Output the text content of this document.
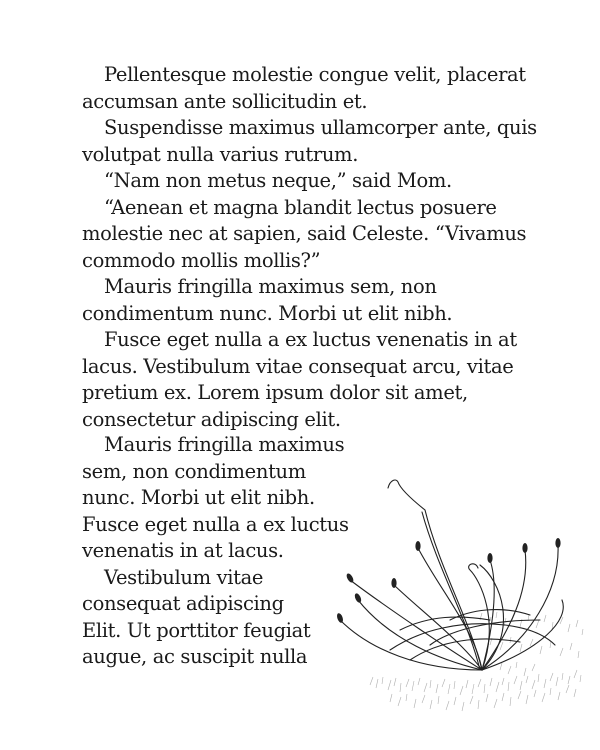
Pellentesque molestie congue velit, placerat
accumsan ante sollicitudin et.

Suspendisse maximus ullamcorper ante, quis
volutpat nulla varius rutrum.

“Nam non metus neque,” said Mom.

“Aenean et magna blandit lectus posuere
molestie nec at sapien, said Celeste. “Vivamus
commodo mollis mollis?”

Mauris fringilla maximus sem, non
condimentum nunc. Morbi ut elit nibh.

Fusce eget nulla a ex luctus venenatis in at
lacus. Vestibulum vitae consequat arcu, vitae
pretium ex. Lorem ipsum dolor sit amet,
consectetur adipiscing elit.

Mauris fringilla maximus
sem, non condimentum
nunc. Morbi ut elit nibh.
Fusce eget nulla a ex luctus
venenatis in at lacus.

Vestibulum vitae
consequat adipiscing
Elit. Ut porttitor feugiat
augue, ac suscipit nulla
